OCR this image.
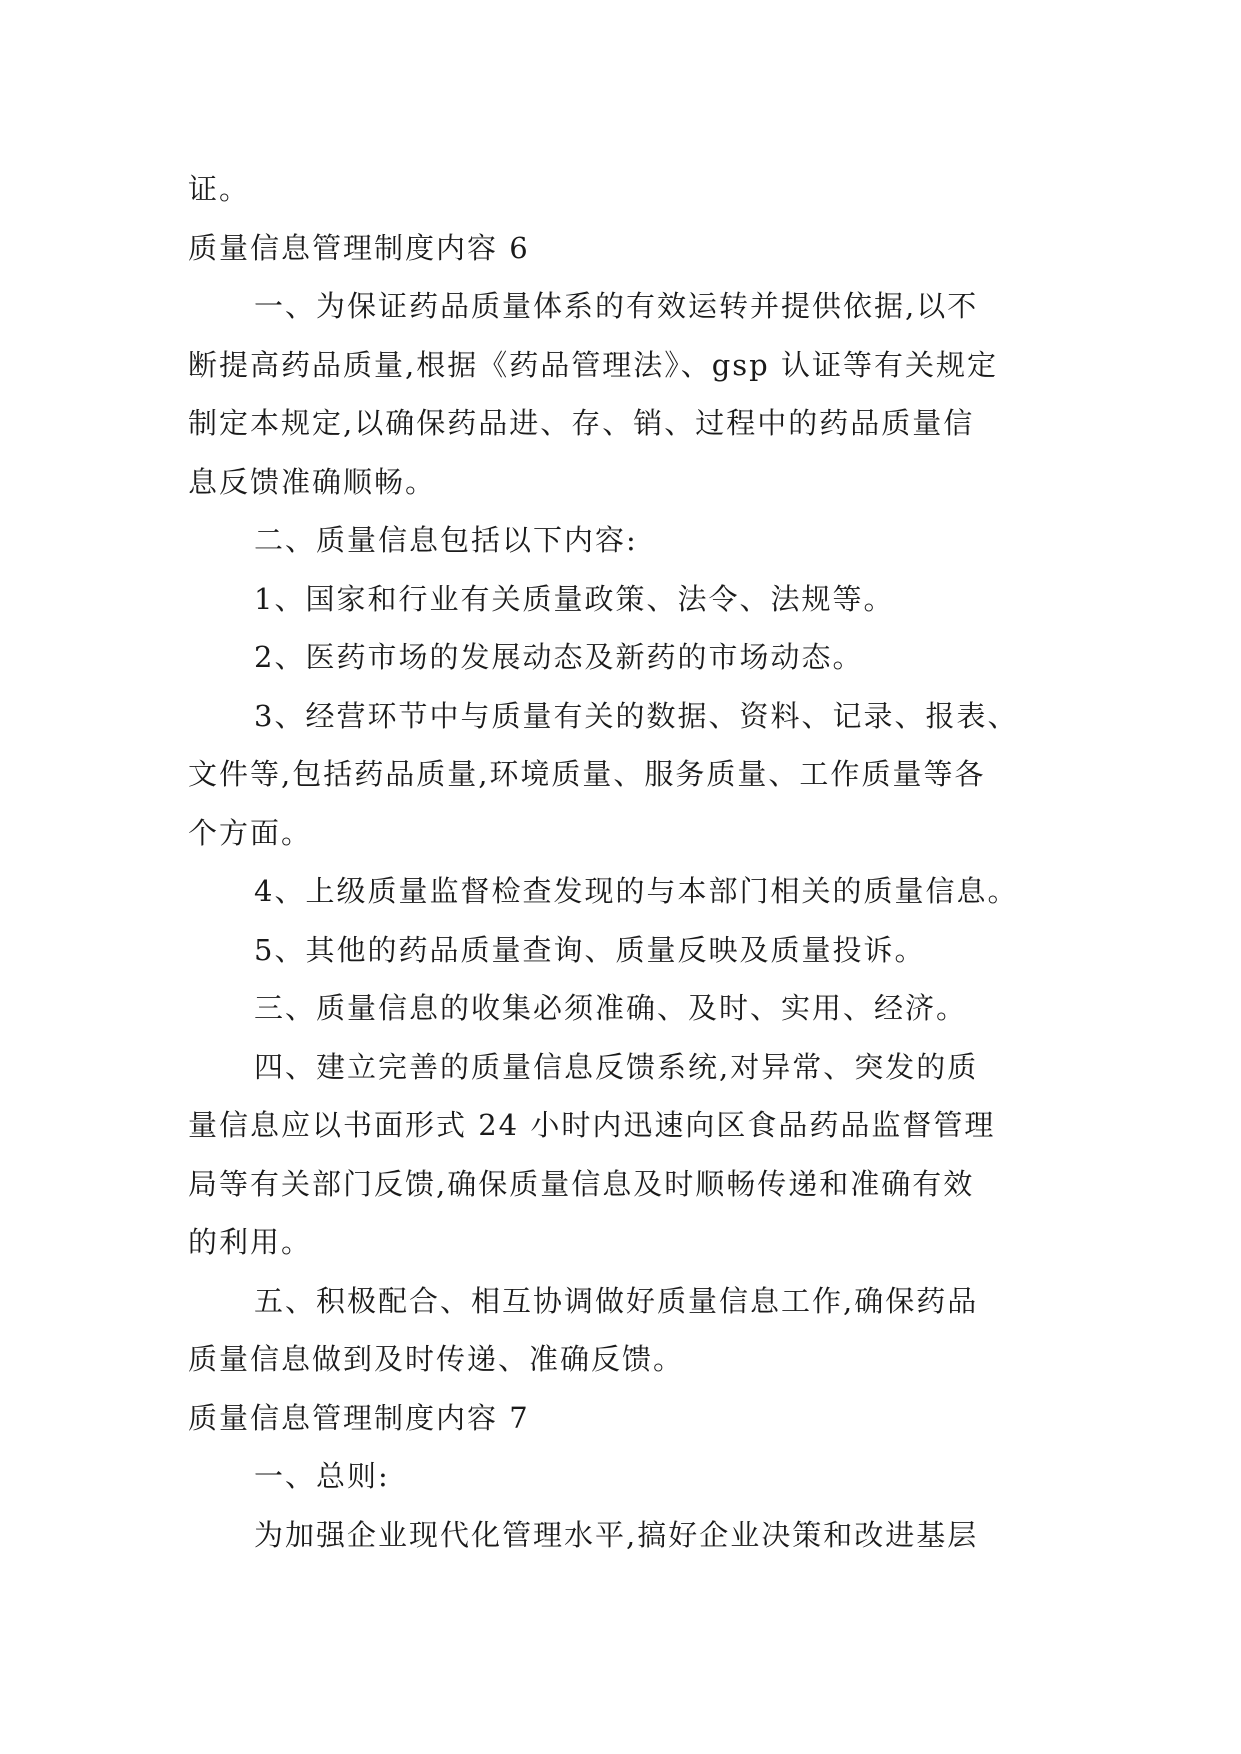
证。
质量信息管理制度内容 6
一、为保证药品质量体系的有效运转并提供依据,以不
断提高药品质量,根据《药品管理法》、gsp 认证等有关规定
制定本规定,以确保药品进、存、销、过程中的药品质量信
息反馈准确顺畅。
二、质量信息包括以下内容:
1、国家和行业有关质量政策、法令、法规等。
2、医药市场的发展动态及新药的市场动态。
3、经营环节中与质量有关的数据、资料、记录、报表、
文件等,包括药品质量,环境质量、服务质量、工作质量等各
个方面。
4、上级质量监督检查发现的与本部门相关的质量信息。
5、其他的药品质量查询、质量反映及质量投诉。
三、质量信息的收集必须准确、及时、实用、经济。
四、建立完善的质量信息反馈系统,对异常、突发的质
量信息应以书面形式 24 小时内迅速向区食品药品监督管理
局等有关部门反馈,确保质量信息及时顺畅传递和准确有效
的利用。
五、积极配合、相互协调做好质量信息工作,确保药品
质量信息做到及时传递、准确反馈。
质量信息管理制度内容 7
一、总则:
为加强企业现代化管理水平,搞好企业决策和改进基层
